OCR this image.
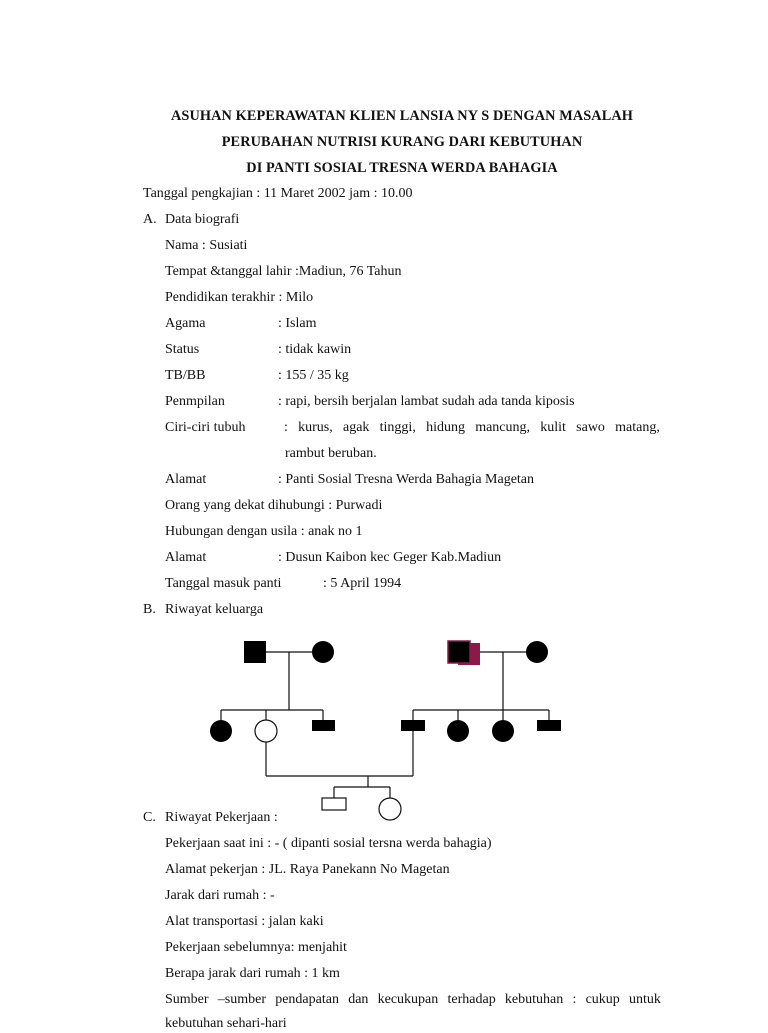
ASUHAN KEPERAWATAN KLIEN LANSIA NY S DENGAN MASALAH
PERUBAHAN NUTRISI KURANG DARI KEBUTUHAN
DI PANTI SOSIAL TRESNA WERDA BAHAGIA
Tanggal pengkajian : 11 Maret 2002 jam : 10.00
A. Data biografi
Nama : Susiati
Tempat &tanggal lahir :Madiun, 76 Tahun
Pendidikan terakhir : Milo
Agama	: Islam
Status	: tidak kawin
TB/BB	: 155 / 35 kg
Penmpilan	: rapi, bersih berjalan lambat sudah ada tanda kiposis
Ciri-ciri tubuh	: kurus, agak tinggi, hidung mancung, kulit sawo matang,
rambut beruban.
Alamat	: Panti Sosial Tresna Werda Bahagia Magetan
Orang yang dekat dihubungi : Purwadi
Hubungan dengan usila : anak no 1
Alamat	: Dusun Kaibon kec Geger Kab.Madiun
Tanggal masuk panti	: 5 April 1994
B. Riwayat keluarga
C. Riwayat Pekerjaan :
Pekerjaan saat ini : - ( dipanti sosial tersna werda bahagia)
Alamat pekerjan : JL. Raya Panekann No Magetan
Jarak dari rumah : -
Alat transportasi : jalan kaki
Pekerjaan sebelumnya: menjahit
Berapa jarak dari rumah : 1 km
Sumber –sumber pendapatan dan kecukupan terhadap kebutuhan : cukup untuk
kebutuhan sehari-hari
